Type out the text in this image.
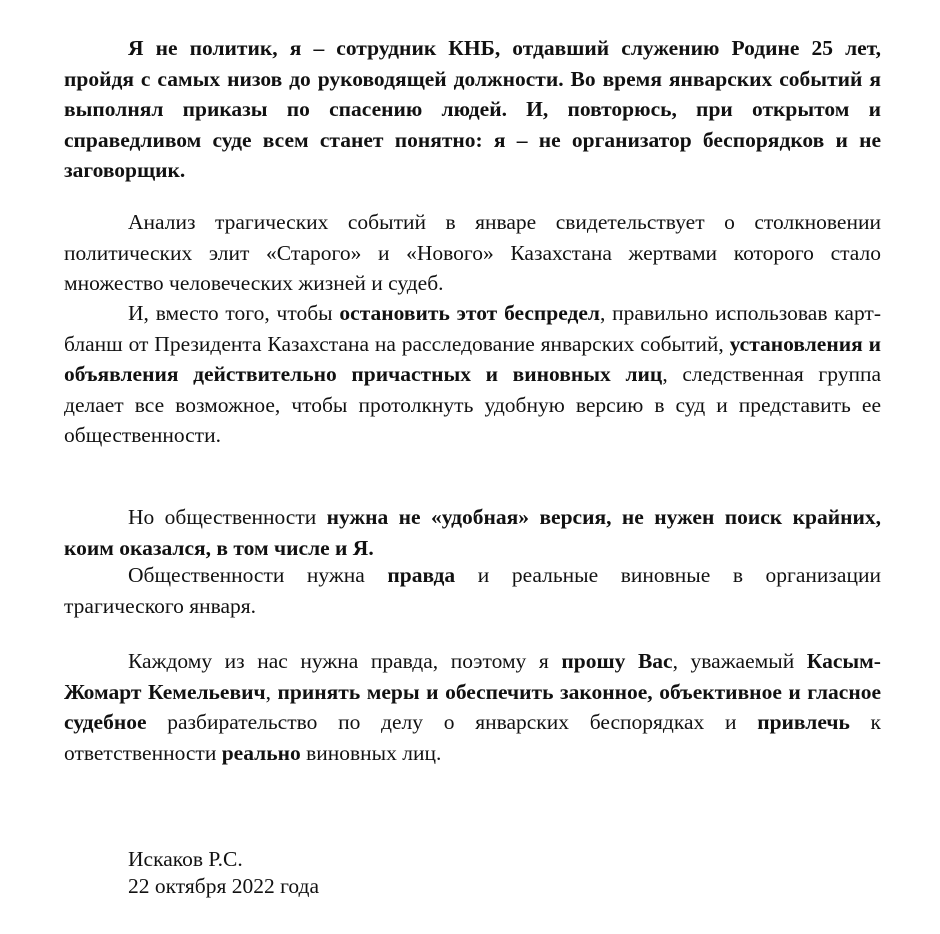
Я не политик, я – сотрудник КНБ, отдавший служению Родине 25 лет, пройдя с самых низов до руководящей должности. Во время январских событий я выполнял приказы по спасению людей. И, повторюсь, при открытом и справедливом суде всем станет понятно: я – не организатор беспорядков и не заговорщик.

Анализ трагических событий в январе свидетельствует о столкновении политических элит «Старого» и «Нового» Казахстана жертвами которого стало множество человеческих жизней и судеб.

И, вместо того, чтобы остановить этот беспредел, правильно использовав карт-бланш от Президента Казахстана на расследование январских событий, установления и объявления действительно причастных и виновных лиц, следственная группа делает все возможное, чтобы протолкнуть удобную версию в суд и представить ее общественности.

Но общественности нужна не «удобная» версия, не нужен поиск крайних, коим оказался, в том числе и Я.

Общественности нужна правда и реальные виновные в организации трагического января.

Каждому из нас нужна правда, поэтому я прошу Вас, уважаемый Касым-Жомарт Кемельевич, принять меры и обеспечить законное, объективное и гласное судебное разбирательство по делу о январских беспорядках и привлечь к ответственности реально виновных лиц.

Искаков Р.С.

22 октября 2022 года
